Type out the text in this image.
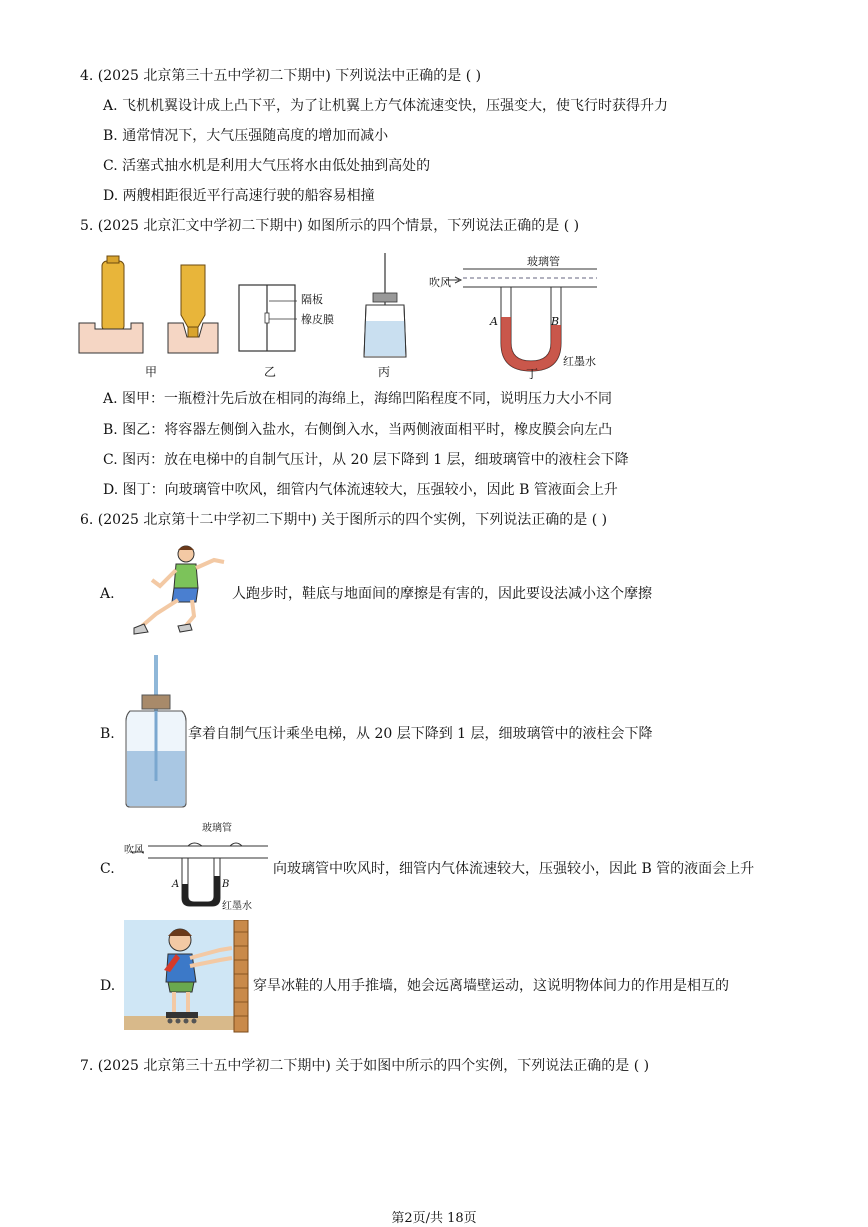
4. (2025 北京第三十五中学初二下期中) 下列说法中正确的是 ( )
A. 飞机机翼设计成上凸下平，为了让机翼上方气体流速变快，压强变大，使飞行时获得升力
B. 通常情况下，大气压强随高度的增加而减小
C. 活塞式抽水机是利用大气压将水由低处抽到高处的
D. 两艘相距很近平行高速行驶的船容易相撞
5. (2025 北京汇文中学初二下期中) 如图所示的四个情景，下列说法正确的是 ( )
隔板
橡皮膜
玻璃管
吹风
A	B
红墨水
甲	乙	丙	丁
A. 图甲：一瓶橙汁先后放在相同的海绵上，海绵凹陷程度不同，说明压力大小不同
B. 图乙：将容器左侧倒入盐水，右侧倒入水，当两侧液面相平时，橡皮膜会向左凸
C. 图丙：放在电梯中的自制气压计，从 20 层下降到 1 层，细玻璃管中的液柱会下降
D. 图丁：向玻璃管中吹风，细管内气体流速较大，压强较小，因此 B 管液面会上升
6. (2025 北京第十二中学初二下期中) 关于图所示的四个实例，下列说法正确的是 ( )
A.	人跑步时，鞋底与地面间的摩擦是有害的，因此要设法减小这个摩擦
B.	拿着自制气压计乘坐电梯，从 20 层下降到 1 层，细玻璃管中的液柱会下降
C.
玻璃管
吹风
A	B
红墨水
向玻璃管中吹风时，细管内气体流速较大，压强较小，因此 B 管的液面会上升
D.	穿旱冰鞋的人用手推墙，她会远离墙壁运动，这说明物体间力的作用是相互的
7. (2025 北京第三十五中学初二下期中) 关于如图中所示的四个实例，下列说法正确的是 ( )
第2页/共 18页
